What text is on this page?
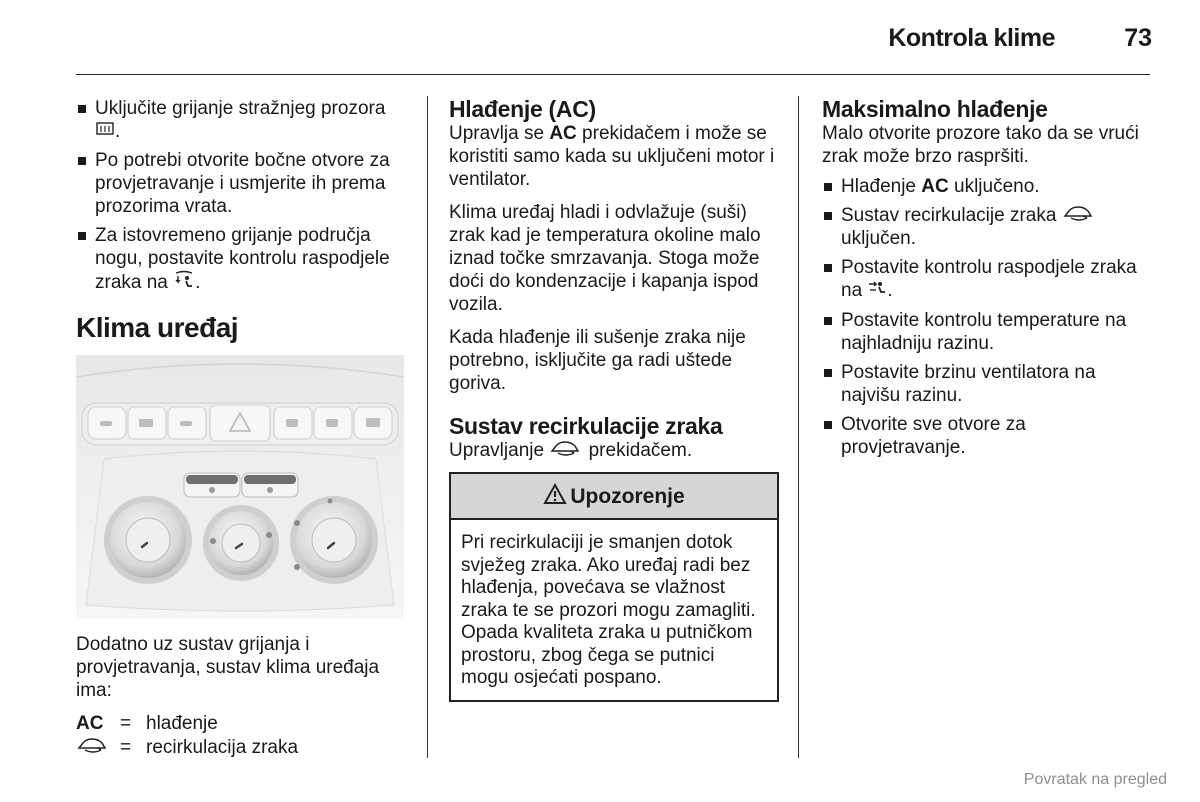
Kontrola klime	73
Uključite grijanje stražnjeg prozora
.
Po potrebi otvorite bočne otvore za provjetravanje i usmjerite ih prema prozorima vrata.
Za istovremeno grijanje područja nogu, postavite kontrolu raspodjele zraka na .
Klima uređaj

Dodatno uz sustav grijanja i provjetravanja, sustav klima uređaja ima:

AC	=	hlađenje
	=	recirkulacija zraka
Hlađenje (AC)

Upravlja se AC prekidačem i može se koristiti samo kada su uključeni motor i ventilator.

Klima uređaj hladi i odvlažuje (suši) zrak kad je temperatura okoline malo iznad točke smrzavanja. Stoga može doći do kondenzacije i kapanja ispod vozila.

Kada hlađenje ili sušenje zraka nije potrebno, isključite ga radi uštede goriva.

Sustav recirkulacije zraka

Upravljanje prekidačem.

Upozorenje
Pri recirkulaciji je smanjen dotok svježeg zraka. Ako uređaj radi bez hlađenja, povećava se vlažnost zraka te se prozori mogu zamagliti. Opada kvaliteta zraka u putničkom prostoru, zbog čega se putnici mogu osjećati pospano.
Maksimalno hlađenje

Malo otvorite prozore tako da se vrući zrak može brzo raspršiti.

Hlađenje AC uključeno.
Sustav recirkulacije zraka  uključen.
Postavite kontrolu raspodjele zraka na .
Postavite kontrolu temperature na najhladniju razinu.
Postavite brzinu ventilatora na najvišu razinu.
Otvorite sve otvore za provjetravanje.
Povratak na pregled
